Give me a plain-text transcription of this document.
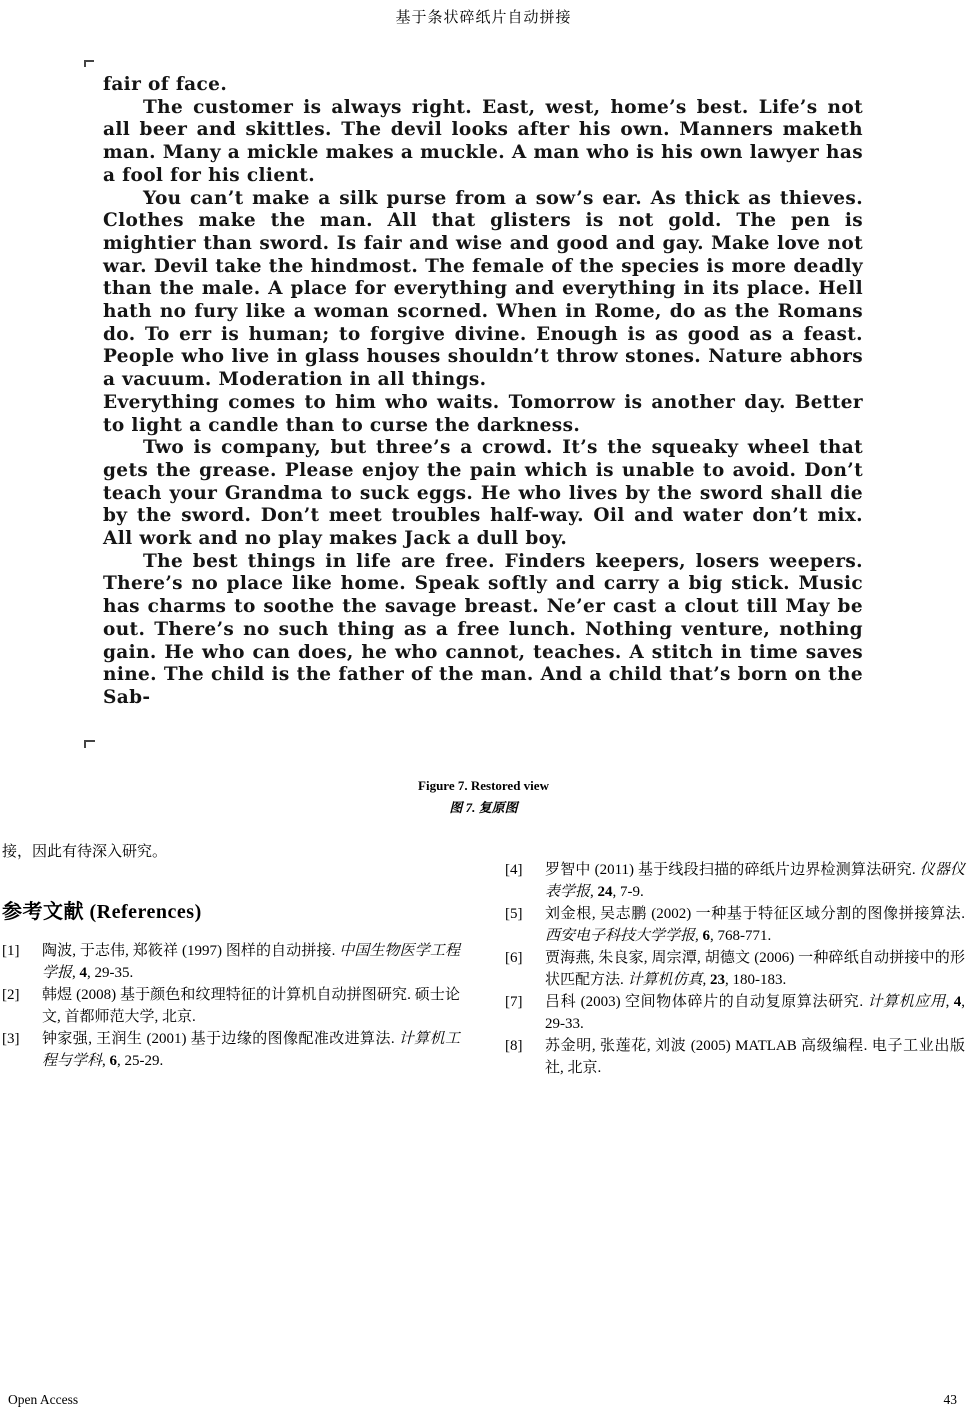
基于条状碎纸片自动拼接

fair of face.

The customer is always right. East, west, home’s best. Life’s not all beer and skittles. The devil looks after his own. Manners maketh man. Many a mickle makes a muckle. A man who is his own lawyer has a fool for his client.

You can’t make a silk purse from a sow’s ear. As thick as thieves. Clothes make the man. All that glisters is not gold. The pen is mightier than sword. Is fair and wise and good and gay. Make love not war. Devil take the hindmost. The female of the species is more deadly than the male. A place for everything and everything in its place. Hell hath no fury like a woman scorned. When in Rome, do as the Romans do. To err is human; to forgive divine. Enough is as good as a feast. People who live in glass houses shouldn’t throw stones. Nature abhors a vacuum. Moderation in all things.

Everything comes to him who waits. Tomorrow is another day. Better to light a candle than to curse the darkness.

Two is company, but three’s a crowd. It’s the squeaky wheel that gets the grease. Please enjoy the pain which is unable to avoid. Don’t teach your Grandma to suck eggs. He who lives by the sword shall die by the sword. Don’t meet troubles half-way. Oil and water don’t mix. All work and no play makes Jack a dull boy.

The best things in life are free. Finders keepers, losers weepers. There’s no place like home. Speak softly and carry a big stick. Music has charms to soothe the savage breast. Ne’er cast a clout till May be out. There’s no such thing as a free lunch. Nothing venture, nothing gain. He who can does, he who cannot, teaches. A stitch in time saves nine. The child is the father of the man. And a child that’s born on the Sab-

Figure 7. Restored view
图 7. 复原图

接，因此有待深入研究。

参考文献 (References)
[1] 陶波, 于志伟, 郑筱祥 (1997) 图样的自动拼接. 中国生物医学工程学报, 4, 29-35.
[2] 韩煜 (2008) 基于颜色和纹理特征的计算机自动拼图研究. 硕士论文, 首都师范大学, 北京.
[3] 钟家强, 王润生 (2001) 基于边缘的图像配准改进算法. 计算机工程与学科, 6, 25-29.
[4] 罗智中 (2011) 基于线段扫描的碎纸片边界检测算法研究. 仪器仪表学报, 24, 7-9.
[5] 刘金根, 吴志鹏 (2002) 一种基于特征区域分割的图像拼接算法. 西安电子科技大学学报, 6, 768-771.
[6] 贾海燕, 朱良家, 周宗潭, 胡德文 (2006) 一种碎纸自动拼接中的形状匹配方法. 计算机仿真, 23, 180-183.
[7] 吕科 (2003) 空间物体碎片的自动复原算法研究. 计算机应用, 4, 29-33.
[8] 苏金明, 张莲花, 刘波 (2005) MATLAB 高级编程. 电子工业出版社, 北京.
Open Access	43
